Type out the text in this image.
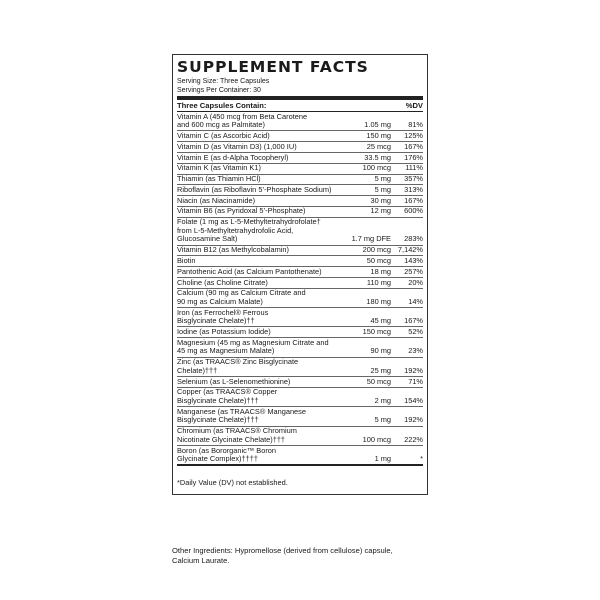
SUPPLEMENT FACTS
Serving Size: Three Capsules
Servings Per Container: 30
Three Capsules Contain:	%DV
Vitamin A (450 mcg from Beta Carotene
and 600 mcg as Palmitate)	1.05 mg	81%
Vitamin C (as Ascorbic Acid)	150 mg	125%
Vitamin D (as Vitamin D3) (1,000 IU)	25 mcg	167%
Vitamin E (as d-Alpha Tocopheryl)	33.5 mg	176%
Vitamin K (as Vitamin K1)	100 mcg	111%
Thiamin (as Thiamin HCl)	5 mg	357%
Riboflavin (as Riboflavin 5’-Phosphate Sodium)	5 mg	313%
Niacin (as Niacinamide)	30 mg	167%
Vitamin B6 (as Pyridoxal 5’-Phosphate)	12 mg	600%
Folate (1 mg as L-5-Methyltetrahydrofolate†
from L-5-Methyltetrahydrofolic Acid,
Glucosamine Salt)	1.7 mg DFE	283%
Vitamin B12 (as Methylcobalamin)	200 mcg 7,142%
Biotin	50 mcg	143%
Pantothenic Acid (as Calcium Pantothenate)	18 mg	257%
Choline (as Choline Citrate)	110 mg	20%
Calcium (90 mg as Calcium Citrate and
90 mg as Calcium Malate)	180 mg	14%
Iron (as Ferrochel® Ferrous
Bisglycinate Chelate)††	45 mg	167%
Iodine (as Potassium Iodide)	150 mcg	52%
Magnesium (45 mg as Magnesium Citrate and
45 mg as Magnesium Malate)	90 mg	23%
Zinc (as TRAACS® Zinc Bisglycinate Chelate)†††	25 mg	192%
Selenium (as L-Selenomethionine)	50 mcg	71%
Copper (as TRAACS® Copper
Bisglycinate Chelate)†††	2 mg	154%
Manganese (as TRAACS® Manganese
Bisglycinate Chelate)†††	5 mg	192%
Chromium (as TRAACS® Chromium
Nicotinate Glycinate Chelate)†††	100 mcg	222%
Boron (as Bororganic™ Boron
Glycinate Complex)††††	1 mg	*
*Daily Value (DV) not established.
Other Ingredients: Hypromellose (derived from cellulose) capsule,
Calcium Laurate.
